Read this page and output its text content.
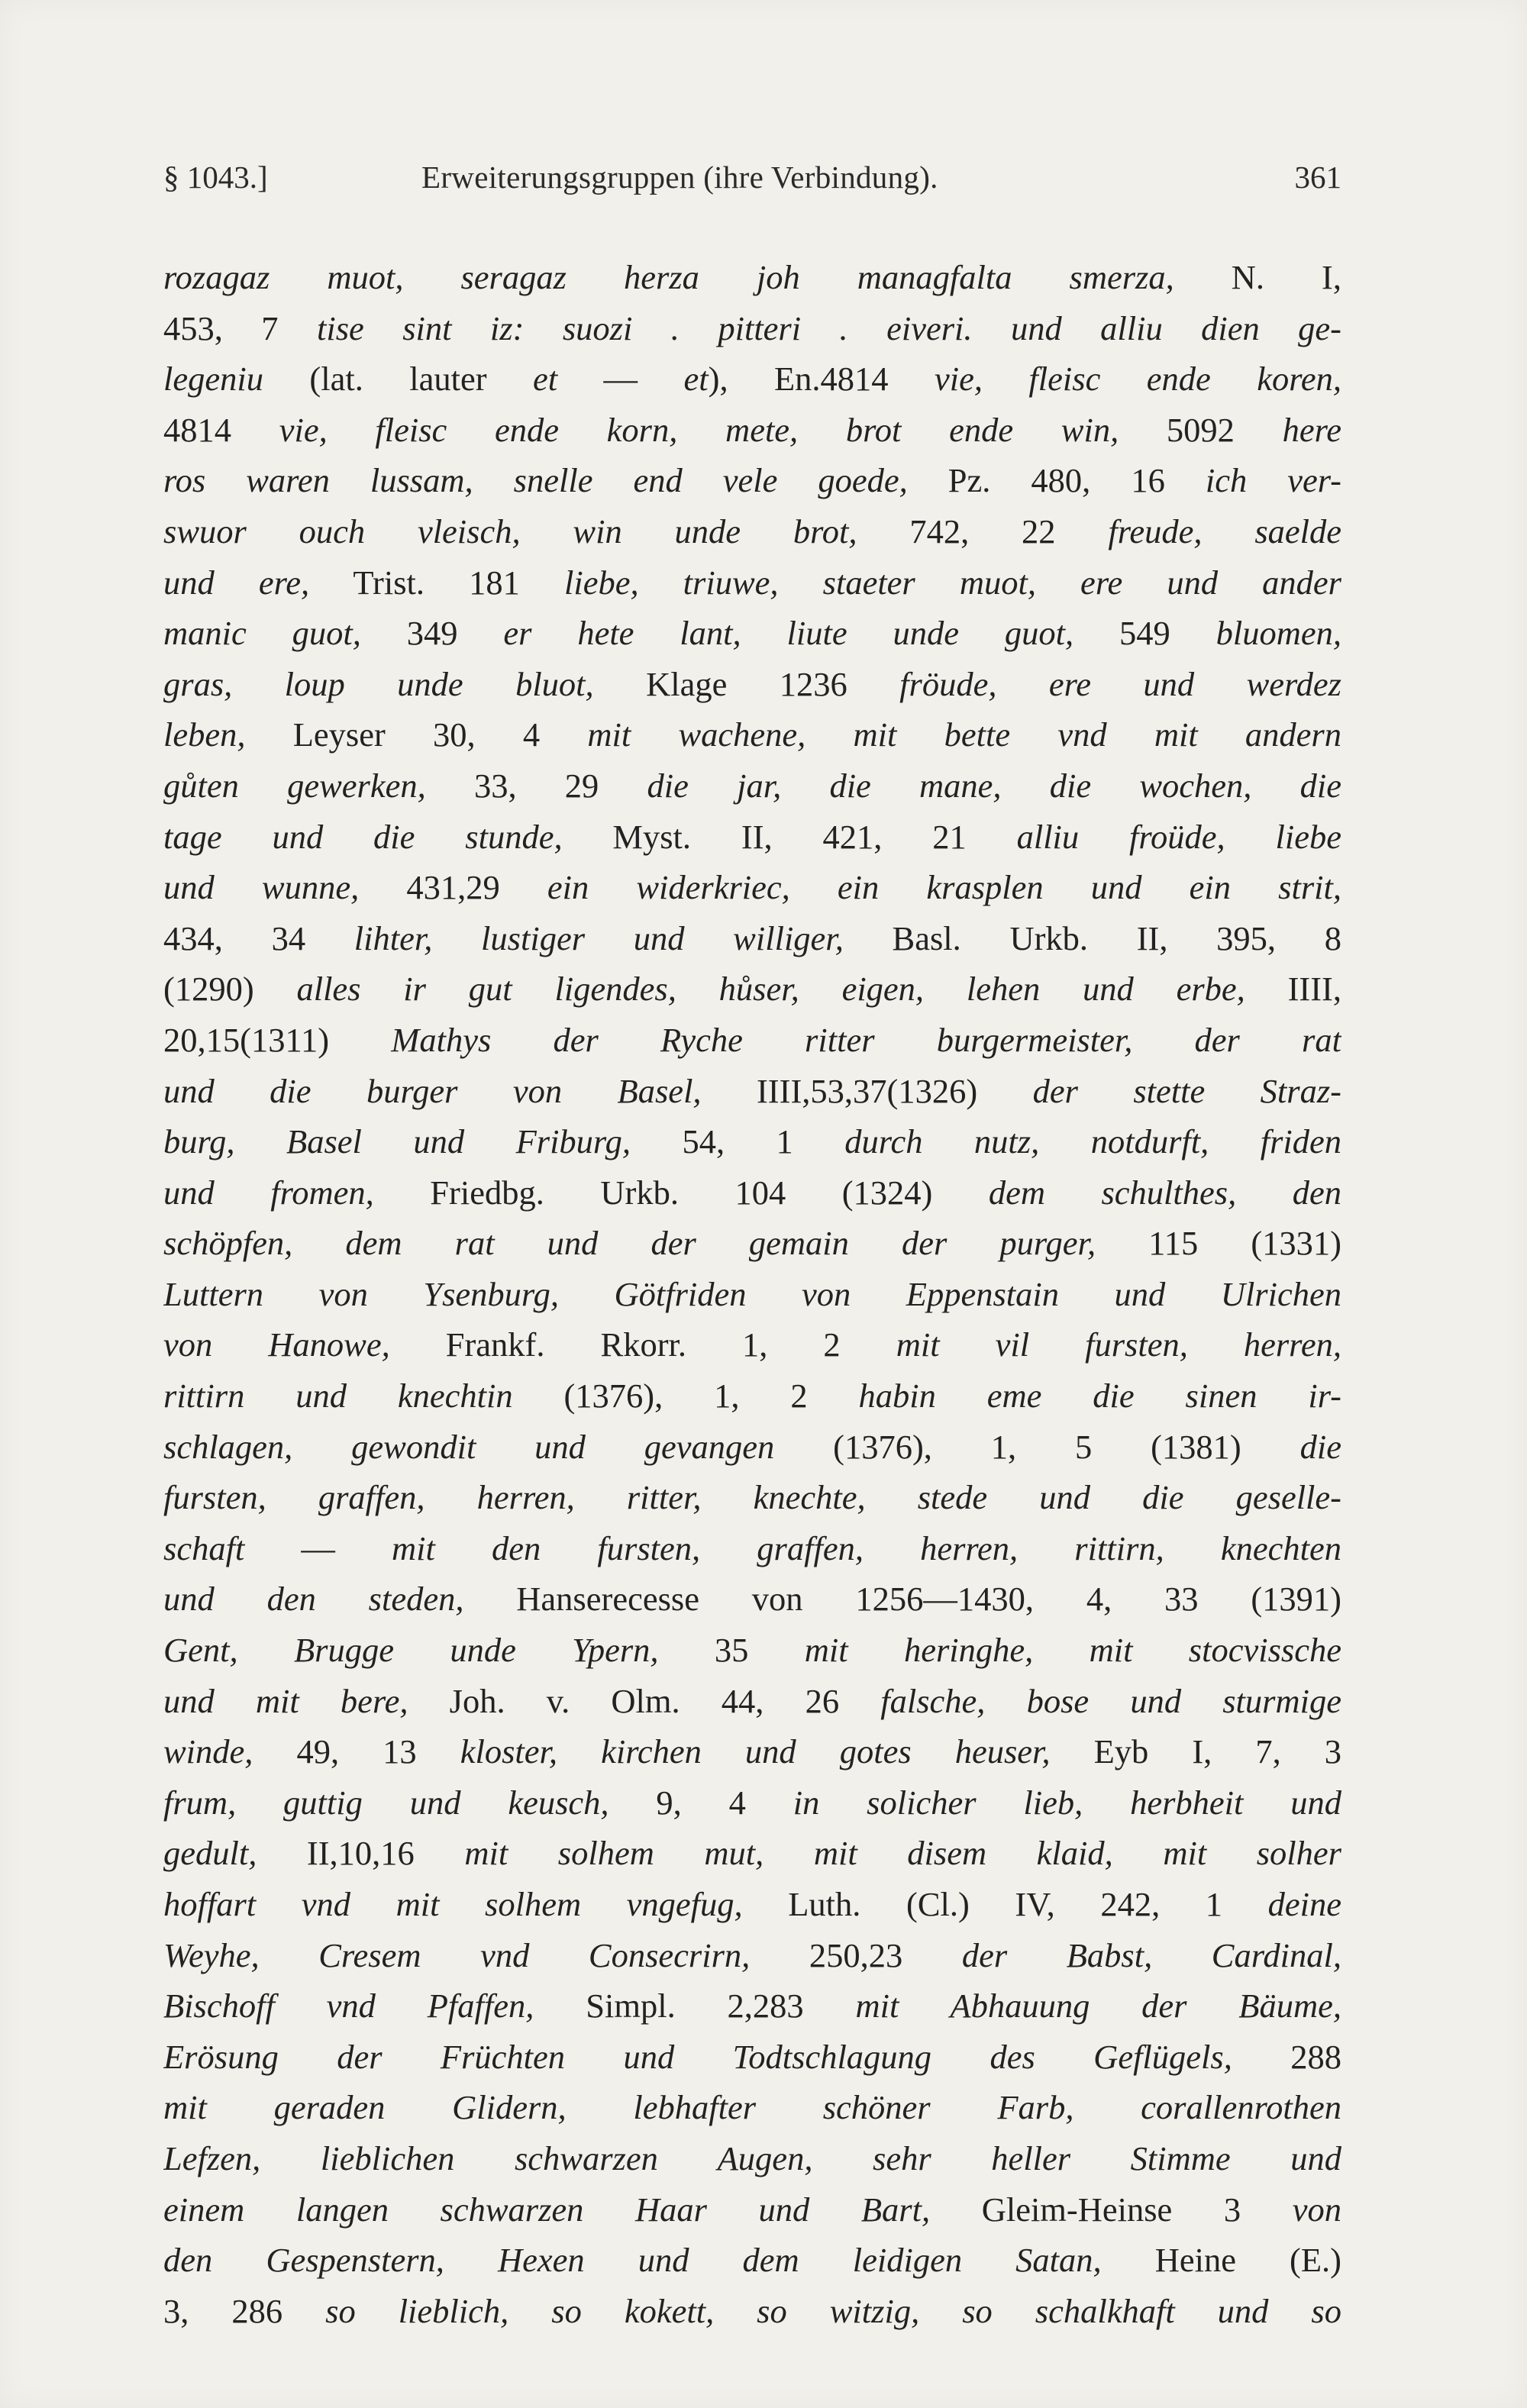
§ 1043.]	Erweiterungsgruppen (ihre Verbindung).	361
rozagaz muot, seragaz herza joh managfalta smerza, N. I,
453, 7 tise sint iz: suozi . pitteri . eiveri. und alliu dien ge-
legeniu (lat. lauter et — et), En.4814 vie, fleisc ende koren,
4814 vie, fleisc ende korn, mete, brot ende win, 5092 here
ros waren lussam, snelle end vele goede, Pz. 480, 16 ich ver-
swuor ouch vleisch, win unde brot, 742, 22 freude, saelde
und ere, Trist. 181 liebe, triuwe, staeter muot, ere und ander
manic guot, 349 er hete lant, liute unde guot, 549 bluomen,
gras, loup unde bluot, Klage 1236 fröude, ere und werdez
leben, Leyser 30, 4 mit wachene, mit bette vnd mit andern
gůten gewerken, 33, 29 die jar, die mane, die wochen, die
tage und die stunde, Myst. II, 421, 21 alliu froüde, liebe
und wunne, 431,29 ein widerkriec, ein krasplen und ein strit,
434, 34 lihter, lustiger und williger, Basl. Urkb. II, 395, 8
(1290) alles ir gut ligendes, hůser, eigen, lehen und erbe, IIII,
20,15(1311) Mathys der Ryche ritter burgermeister, der rat
und die burger von Basel, IIII,53,37(1326) der stette Straz-
burg, Basel und Friburg, 54, 1 durch nutz, notdurft, friden
und fromen, Friedbg. Urkb. 104 (1324) dem schulthes, den
schöpfen, dem rat und der gemain der purger, 115 (1331)
Luttern von Ysenburg, Götfriden von Eppenstain und Ulrichen
von Hanowe, Frankf. Rkorr. 1, 2 mit vil fursten, herren,
rittirn und knechtin (1376), 1, 2 habin eme die sinen ir-
schlagen, gewondit und gevangen (1376), 1, 5 (1381) die
fursten, graffen, herren, ritter, knechte, stede und die geselle-
schaft — mit den fursten, graffen, herren, rittirn, knechten
und den steden, Hanserecesse von 1256—1430, 4, 33 (1391)
Gent, Brugge unde Ypern, 35 mit heringhe, mit stocvissche
und mit bere, Joh. v. Olm. 44, 26 falsche, bose und sturmige
winde, 49, 13 kloster, kirchen und gotes heuser, Eyb I, 7, 3
frum, guttig und keusch, 9, 4 in solicher lieb, herbheit und
gedult, II,10,16 mit solhem mut, mit disem klaid, mit solher
hoffart vnd mit solhem vngefug, Luth. (Cl.) IV, 242, 1 deine
Weyhe, Cresem vnd Consecrirn, 250,23 der Babst, Cardinal,
Bischoff vnd Pfaffen, Simpl. 2,283 mit Abhauung der Bäume,
Erösung der Früchten und Todtschlagung des Geflügels, 288
mit geraden Glidern, lebhafter schöner Farb, corallenrothen
Lefzen, lieblichen schwarzen Augen, sehr heller Stimme und
einem langen schwarzen Haar und Bart, Gleim-Heinse 3 von
den Gespenstern, Hexen und dem leidigen Satan, Heine (E.)
3, 286 so lieblich, so kokett, so witzig, so schalkhaft und so
